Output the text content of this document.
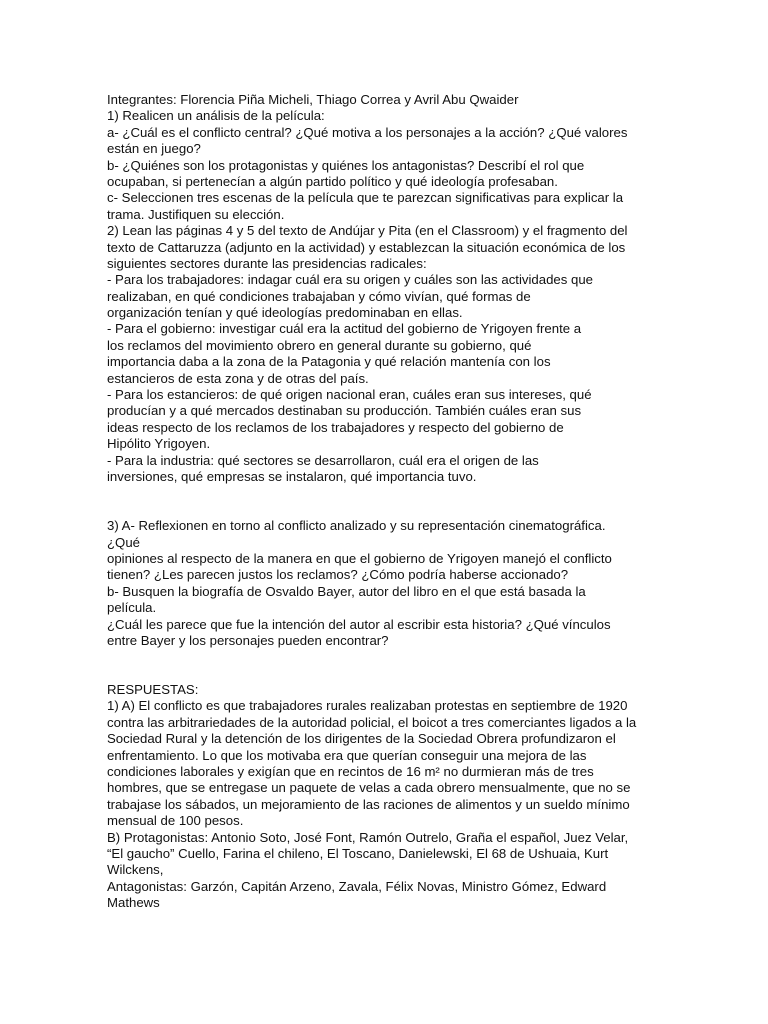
Integrantes: Florencia Piña Micheli, Thiago Correa y Avril Abu Qwaider
1) Realicen un análisis de la película:
a- ¿Cuál es el conflicto central? ¿Qué motiva a los personajes a la acción? ¿Qué valores
están en juego?
b- ¿Quiénes son los protagonistas y quiénes los antagonistas? Describí el rol que
ocupaban, si pertenecían a algún partido político y qué ideología profesaban.
c- Seleccionen tres escenas de la película que te parezcan significativas para explicar la
trama. Justifiquen su elección.
2) Lean las páginas 4 y 5 del texto de Andújar y Pita (en el Classroom) y el fragmento del
texto de Cattaruzza (adjunto en la actividad) y establezcan la situación económica de los
siguientes sectores durante las presidencias radicales:
- Para los trabajadores: indagar cuál era su origen y cuáles son las actividades que
realizaban, en qué condiciones trabajaban y cómo vivían, qué formas de
organización tenían y qué ideologías predominaban en ellas.
- Para el gobierno: investigar cuál era la actitud del gobierno de Yrigoyen frente a
los reclamos del movimiento obrero en general durante su gobierno, qué
importancia daba a la zona de la Patagonia y qué relación mantenía con los
estancieros de esta zona y de otras del país.
- Para los estancieros: de qué origen nacional eran, cuáles eran sus intereses, qué
producían y a qué mercados destinaban su producción. También cuáles eran sus
ideas respecto de los reclamos de los trabajadores y respecto del gobierno de
Hipólito Yrigoyen.
- Para la industria: qué sectores se desarrollaron, cuál era el origen de las
inversiones, qué empresas se instalaron, qué importancia tuvo.
3) A- Reflexionen en torno al conflicto analizado y su representación cinematográfica.
¿Qué
opiniones al respecto de la manera en que el gobierno de Yrigoyen manejó el conflicto
tienen? ¿Les parecen justos los reclamos? ¿Cómo podría haberse accionado?
b- Busquen la biografía de Osvaldo Bayer, autor del libro en el que está basada la
película.
¿Cuál les parece que fue la intención del autor al escribir esta historia? ¿Qué vínculos
entre Bayer y los personajes pueden encontrar?
RESPUESTAS:
1) A) El conflicto es que trabajadores rurales realizaban protestas en septiembre de 1920
contra las arbitrariedades de la autoridad policial, el boicot a tres comerciantes ligados a la
Sociedad Rural y la detención de los dirigentes de la Sociedad Obrera profundizaron el
enfrentamiento. Lo que los motivaba era que querían conseguir una mejora de las
condiciones laborales y exigían que en recintos de 16 m² no durmieran más de tres
hombres, que se entregase un paquete de velas a cada obrero mensualmente, que no se
trabajase los sábados, un mejoramiento de las raciones de alimentos y un sueldo mínimo
mensual de 100 pesos.
B) Protagonistas: Antonio Soto, José Font, Ramón Outrelo, Graña el español, Juez Velar,
“El gaucho” Cuello, Farina el chileno, El Toscano, Danielewski, El 68 de Ushuaia, Kurt
Wilckens,
Antagonistas: Garzón, Capitán Arzeno, Zavala, Félix Novas, Ministro Gómez, Edward
Mathews
